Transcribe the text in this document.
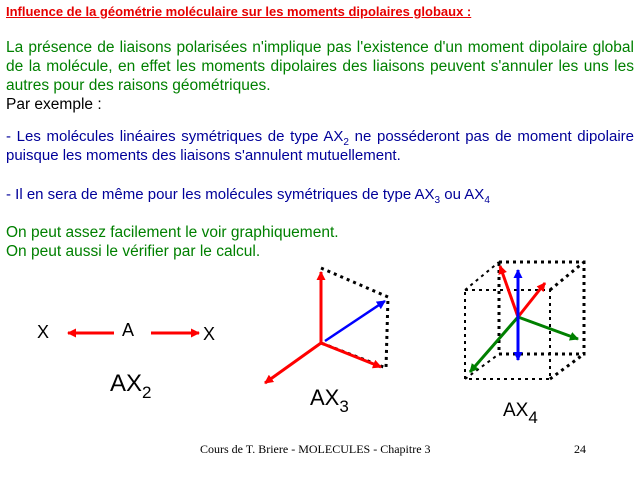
Influence de la géométrie moléculaire sur les moments dipolaires globaux :
La présence de liaisons polarisées n'implique pas l'existence d'un moment dipolaire global de la molécule, en effet les moments dipolaires des liaisons peuvent s'annuler les uns les autres pour des raisons géométriques.
Par exemple :
- Les molécules linéaires symétriques de type $AX_2$ ne posséderont pas de moment dipolaire puisque les moments des liaisons s'annulent mutuellement.
- Il en sera de même pour les molécules symétriques de type $AX_3$ ou $AX_4$
On peut assez facilement le voir graphiquement.
On peut aussi le vérifier par le calcul.
X	A	X
$AX_2$	$AX_3$	$AX_4$
Cours de T. Briere - MOLECULES - Chapitre 3	24
